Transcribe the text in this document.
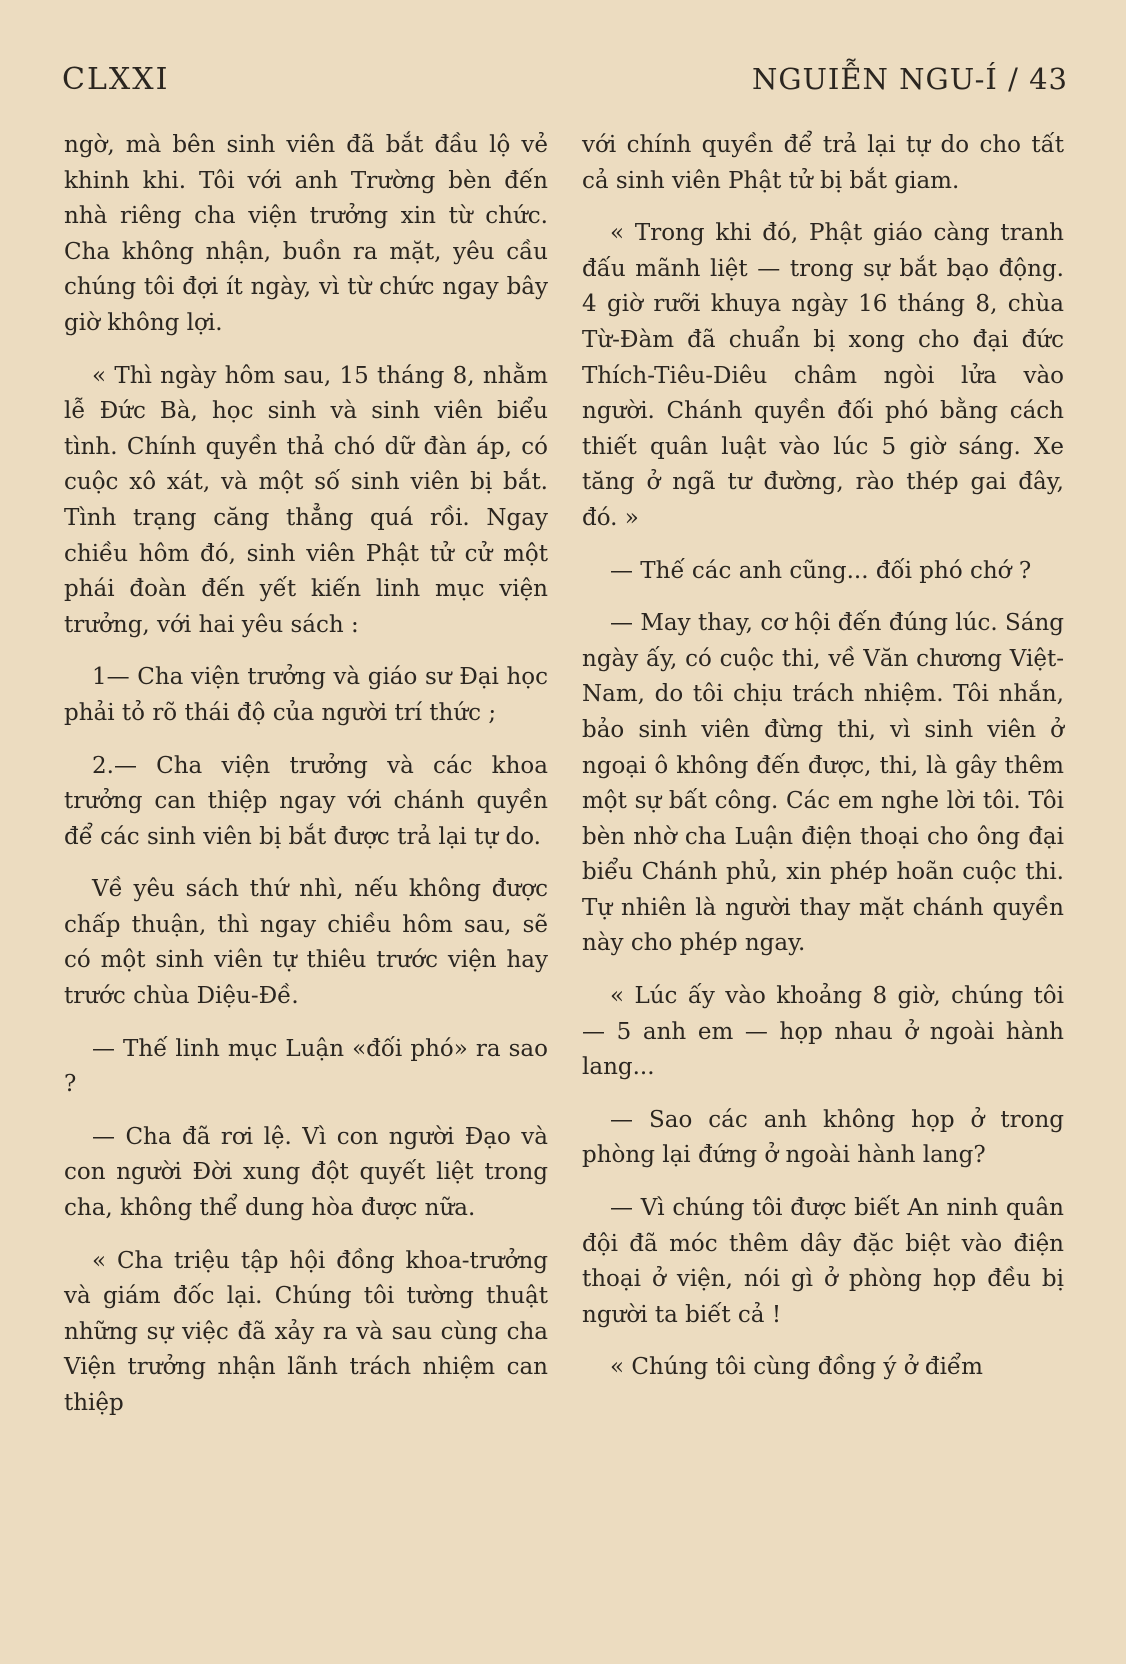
CLXXI	NGUIỄN NGU-Í / 43

ngờ, mà bên sinh viên đã bắt đầu lộ vẻ khinh khi. Tôi với anh Trường bèn đến nhà riêng cha viện trưởng xin từ chức. Cha không nhận, buồn ra mặt, yêu cầu chúng tôi đợi ít ngày, vì từ chức ngay bây giờ không lợi.

« Thì ngày hôm sau, 15 tháng 8, nhằm lễ Đức Bà, học sinh và sinh viên biểu tình. Chính quyền thả chó dữ đàn áp, có cuộc xô xát, và một số sinh viên bị bắt. Tình trạng căng thẳng quá rồi. Ngay chiều hôm đó, sinh viên Phật tử cử một phái đoàn đến yết kiến linh mục viện trưởng, với hai yêu sách :

1— Cha viện trưởng và giáo sư Đại học phải tỏ rõ thái độ của người trí thức ;

2.— Cha viện trưởng và các khoa trưởng can thiệp ngay với chánh quyền để các sinh viên bị bắt được trả lại tự do.

Về yêu sách thứ nhì, nếu không được chấp thuận, thì ngay chiều hôm sau, sẽ có một sinh viên tự thiêu trước viện hay trước chùa Diệu-Đề.

— Thế linh mục Luận «đối phó» ra sao ?

— Cha đã rơi lệ. Vì con người Đạo và con người Đời xung đột quyết liệt trong cha, không thể dung hòa được nữa.

« Cha triệu tập hội đồng khoa-trưởng và giám đốc lại. Chúng tôi tường thuật những sự việc đã xảy ra và sau cùng cha Viện trưởng nhận lãnh trách nhiệm can thiệp

với chính quyền để trả lại tự do cho tất cả sinh viên Phật tử bị bắt giam.

« Trong khi đó, Phật giáo càng tranh đấu mãnh liệt — trong sự bắt bạo động. 4 giờ rưỡi khuya ngày 16 tháng 8, chùa Từ-Đàm đã chuẩn bị xong cho đại đức Thích-Tiêu-Diêu châm ngòi lửa vào người. Chánh quyền đối phó bằng cách thiết quân luật vào lúc 5 giờ sáng. Xe tăng ở ngã tư đường, rào thép gai đây, đó. »

— Thế các anh cũng... đối phó chớ ?

— May thay, cơ hội đến đúng lúc. Sáng ngày ấy, có cuộc thi, về Văn chương Việt-Nam, do tôi chịu trách nhiệm. Tôi nhắn, bảo sinh viên đừng thi, vì sinh viên ở ngoại ô không đến được, thi, là gây thêm một sự bất công. Các em nghe lời tôi. Tôi bèn nhờ cha Luận điện thoại cho ông đại biểu Chánh phủ, xin phép hoãn cuộc thi. Tự nhiên là người thay mặt chánh quyền này cho phép ngay.

« Lúc ấy vào khoảng 8 giờ, chúng tôi — 5 anh em — họp nhau ở ngoài hành lang...

— Sao các anh không họp ở trong phòng lại đứng ở ngoài hành lang?

— Vì chúng tôi được biết An ninh quân đội đã móc thêm dây đặc biệt vào điện thoại ở viện, nói gì ở phòng họp đều bị người ta biết cả !

« Chúng tôi cùng đồng ý ở điểm
